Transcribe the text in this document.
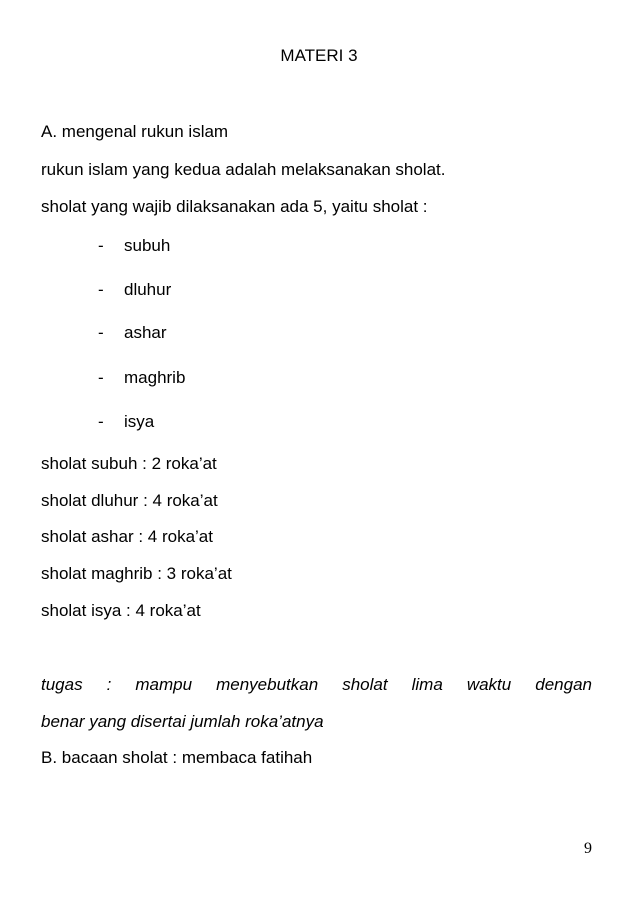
MATERI 3
A. mengenal rukun islam
rukun islam yang kedua adalah melaksanakan sholat.
sholat yang wajib dilaksanakan ada 5, yaitu sholat :
- subuh
- dluhur
- ashar
- maghrib
- isya
sholat subuh : 2 roka’at
sholat dluhur : 4 roka’at
sholat ashar : 4 roka’at
sholat maghrib : 3 roka’at
sholat isya : 4 roka’at
tugas : mampu menyebutkan sholat lima waktu dengan
benar yang disertai jumlah roka’atnya
B. bacaan sholat : membaca fatihah
9
